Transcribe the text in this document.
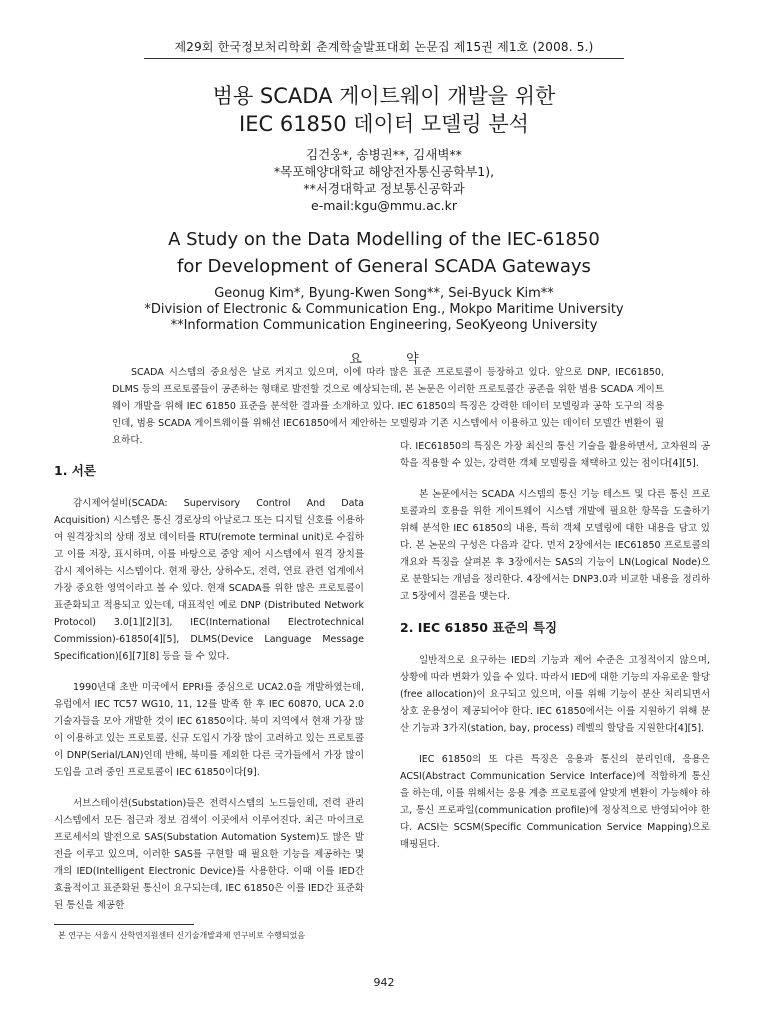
제29회 한국정보처리학회 춘계학술발표대회 논문집 제15권 제1호 (2008. 5.)
범용 SCADA 게이트웨이 개발을 위한
IEC 61850 데이터 모델링 분석
김건웅*, 송병권**, 김새벽**
*목포해양대학교 해양전자통신공학부1),
**서경대학교 정보통신공학과
e-mail:kgu@mmu.ac.kr
A Study on the Data Modelling of the IEC-61850
for Development of General SCADA Gateways
Geonug Kim*, Byung-Kwen Song**, Sei-Byuck Kim**
*Division of Electronic & Communication Eng., Mokpo Maritime University
**Information Communication Engineering, SeoKyeong University
요 약
SCADA 시스템의 중요성은 날로 커지고 있으며, 이에 따라 많은 표준 프로토콜이 등장하고 있다. 앞으로 DNP, IEC61850, DLMS 등의 프로토콜들이 공존하는 형태로 발전할 것으로 예상되는데, 본 논문은 이러한 프로토콜간 공존을 위한 범용 SCADA 게이트웨이 개발을 위해 IEC 61850 표준을 분석한 결과를 소개하고 있다. IEC 61850의 특징은 강력한 데이터 모델링과 공학 도구의 적용인데, 범용 SCADA 게이트웨이를 위해선 IEC61850에서 제안하는 모델링과 기존 시스템에서 이용하고 있는 데이터 모델간 변환이 필요하다.
1. 서론

감시제어설비(SCADA: Supervisory Control And Data Acquisition) 시스템은 통신 경로상의 아날로그 또는 디지털 신호를 이용하여 원격장치의 상태 정보 데이터를 RTU(remote terminal unit)로 수집하고 이를 저장, 표시하며, 이를 바탕으로 중앙 제어 시스템에서 원격 장치를 감시 제어하는 시스템이다. 현재 광산, 상하수도, 전력, 연료 관련 업계에서 가장 중요한 영역이라고 볼 수 있다. 현재 SCADA를 위한 많은 프로토콜이 표준화되고 적용되고 있는데, 대표적인 예로 DNP (Distributed Network Protocol) 3.0[1][2][3], IEC(International Electrotechnical Commission)-61850[4][5], DLMS(Device Language Message Specification)[6][7][8] 등을 들 수 있다.

1990년대 초반 미국에서 EPRI를 중심으로 UCA2.0을 개발하였는데, 유럽에서 IEC TC57 WG10, 11, 12를 발족 한 후 IEC 60870, UCA 2.0 기술자들을 모아 개발한 것이 IEC 61850이다. 북미 지역에서 현재 가장 많이 이용하고 있는 프로토콜, 신규 도입시 가장 많이 고려하고 있는 프로토콜이 DNP(Serial/LAN)인데 반해, 북미를 제외한 다른 국가들에서 가장 많이 도입을 고려 중인 프로토콜이 IEC 61850이다[9].

서브스테이션(Substation)들은 전력시스템의 노드들인데, 전력 관리시스템에서 모든 접근과 정보 검색이 이곳에서 이루어진다. 최근 마이크로프로세서의 발전으로 SAS(Substation Automation System)도 많은 발전을 이루고 있으며, 이러한 SAS를 구현할 때 필요한 기능을 제공하는 몇 개의 IED(Intelligent Electronic Device)를 사용한다. 이때 이를 IED간 효율적이고 표준화된 통신이 요구되는데, IEC 61850은 이를 IED간 표준화된 통신을 제공한

다. IEC61850의 특징은 가장 최신의 통신 기술을 활용하면서, 고차원의 공학을 적용할 수 있는, 강력한 객체 모델링을 채택하고 있는 점이다[4][5].

본 논문에서는 SCADA 시스템의 통신 기능 테스트 및 다른 통신 프로토콜과의 호용을 위한 게이트웨이 시스템 개발에 필요한 항목을 도출하기 위해 분석한 IEC 61850의 내용, 특히 객체 모델링에 대한 내용을 담고 있다. 본 논문의 구성은 다음과 같다. 먼저 2장에서는 IEC61850 프로토콜의 개요와 특징을 살펴본 후 3장에서는 SAS의 기능이 LN(Logical Node)으로 분할되는 개념을 정리한다. 4장에서는 DNP3.0과 비교한 내용을 정리하고 5장에서 결론을 맺는다.

2. IEC 61850 표준의 특징

일반적으로 요구하는 IED의 기능과 제어 수준은 고정적이지 않으며, 상황에 따라 변화가 있을 수 있다. 따라서 IED에 대한 기능의 자유로운 할당(free allocation)이 요구되고 있으며, 이를 위해 기능이 분산 처리되면서 상호 운용성이 제공되어야 한다. IEC 61850에서는 이를 지원하기 위해 분산 기능과 3가지(station, bay, process) 레벨의 할당을 지원한다[4][5].

IEC 61850의 또 다른 특징은 응용과 통신의 분리인데, 응용은 ACSI(Abstract Communication Service Interface)에 적합하게 통신을 하는데, 이를 위해서는 응용 계층 프로토콜에 알맞게 변환이 가능해야 하고, 통신 프로파일(communication profile)에 정상적으로 반영되어야 한다. ACSI는 SCSM(Specific Communication Service Mapping)으로 매핑된다.

본 연구는 서울시 산학연지원센터 신기술개발과제 연구비로 수행되었음
942
